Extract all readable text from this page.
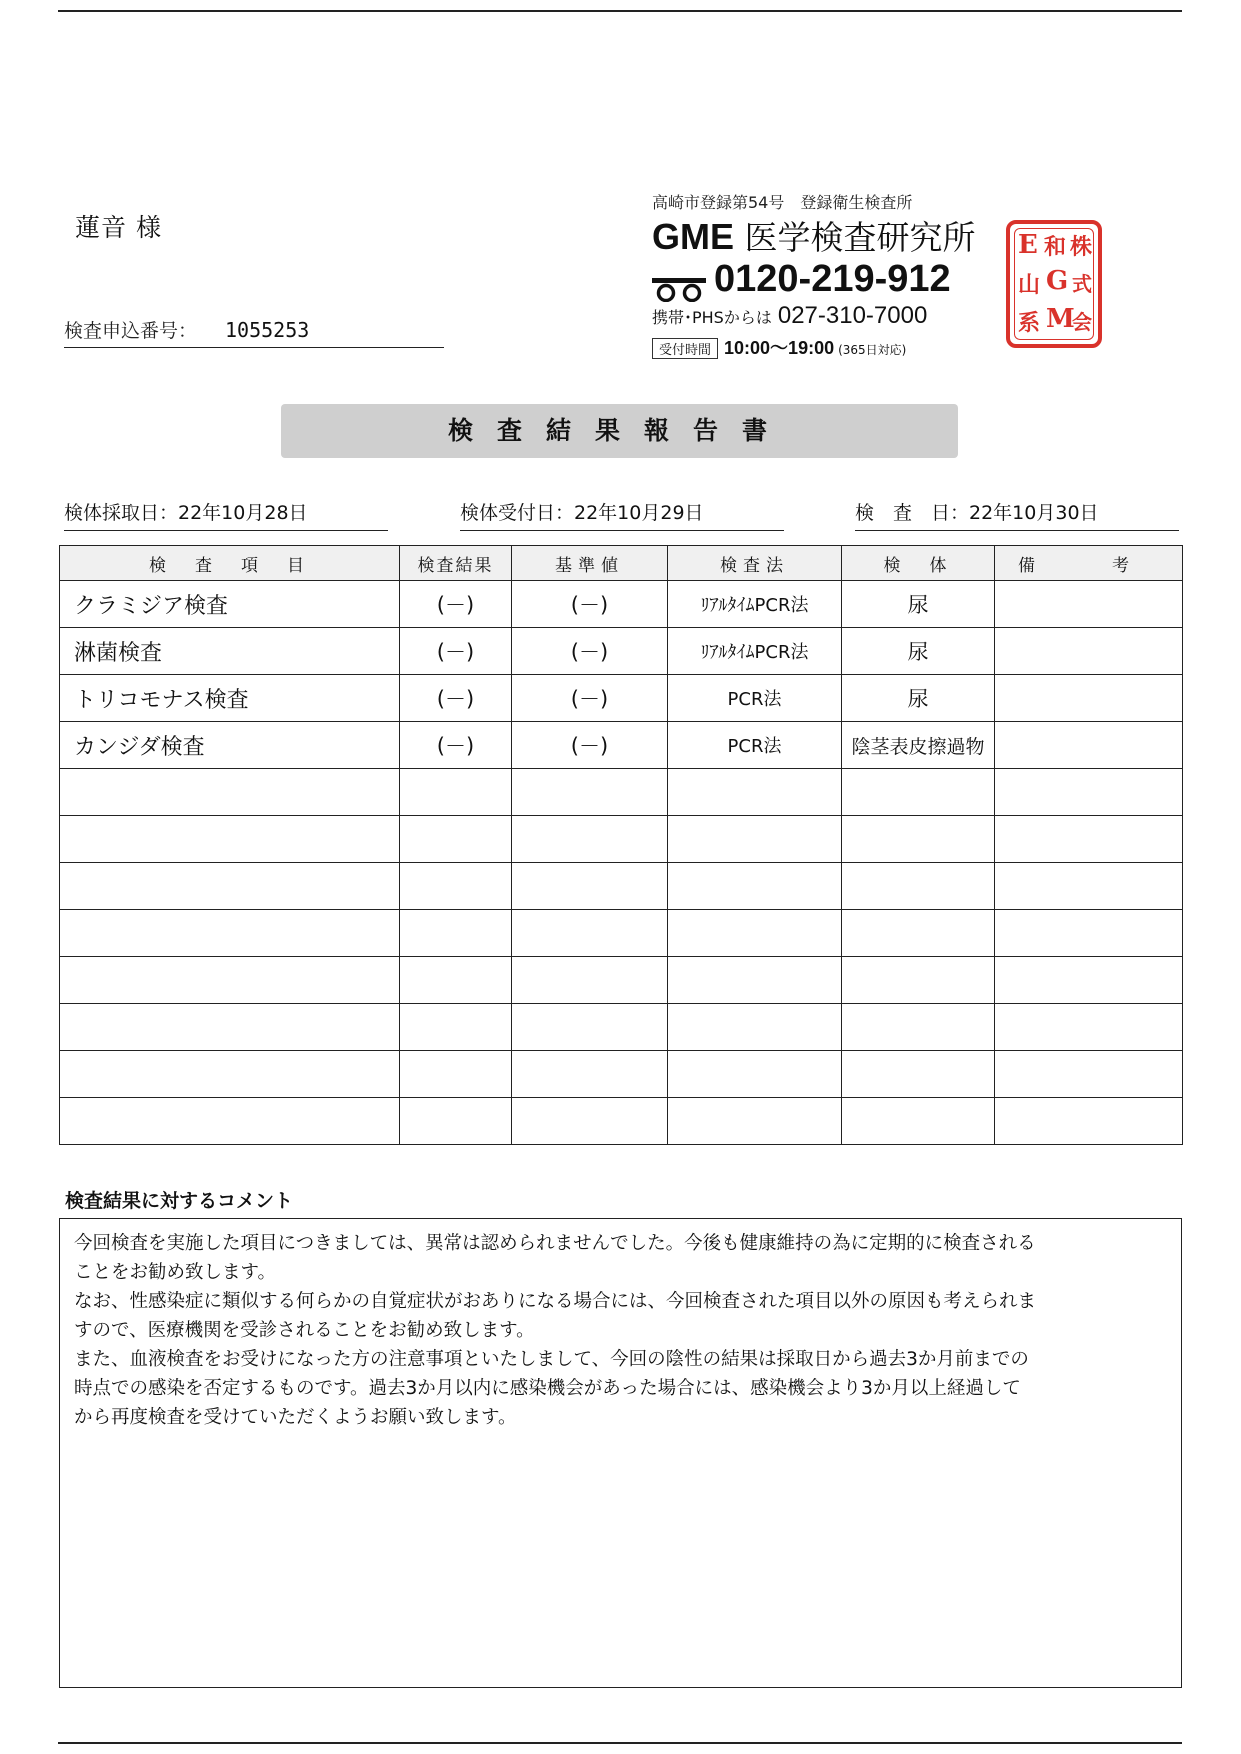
蓮音 様
検査申込番号： 1055253
高崎市登録第54号　登録衛生検査所
GME 医学検査研究所
0120-219-912
携帯･PHSからは 027-310-7000
受付時間 10:00〜19:00 (365日対応)
E 和 株
山 G 式
系 M
会
検査結果報告書
検体採取日：22年10月28日	検体受付日：22年10月29日	検　査　日：22年10月30日
検　査　項　目	検査結果	基準値	検査法	検　体	備　考
クラミジア検査	(－)	(－)	ﾘｱﾙﾀｲﾑPCR法	尿	
淋菌検査	(－)	(－)	ﾘｱﾙﾀｲﾑPCR法	尿	
トリコモナス検査	(－)	(－)	PCR法	尿	
カンジダ検査	(－)	(－)	PCR法	陰茎表皮擦過物	

検査結果に対するコメント

今回検査を実施した項目につきましては、異常は認められませんでした。今後も健康維持の為に定期的に検査される

ことをお勧め致します。

なお、性感染症に類似する何らかの自覚症状がおありになる場合には、今回検査された項目以外の原因も考えられま

すので、医療機関を受診されることをお勧め致します。

また、血液検査をお受けになった方の注意事項といたしまして、今回の陰性の結果は採取日から過去3か月前までの

時点での感染を否定するものです。過去3か月以内に感染機会があった場合には、感染機会より3か月以上経過して

から再度検査を受けていただくようお願い致します。
